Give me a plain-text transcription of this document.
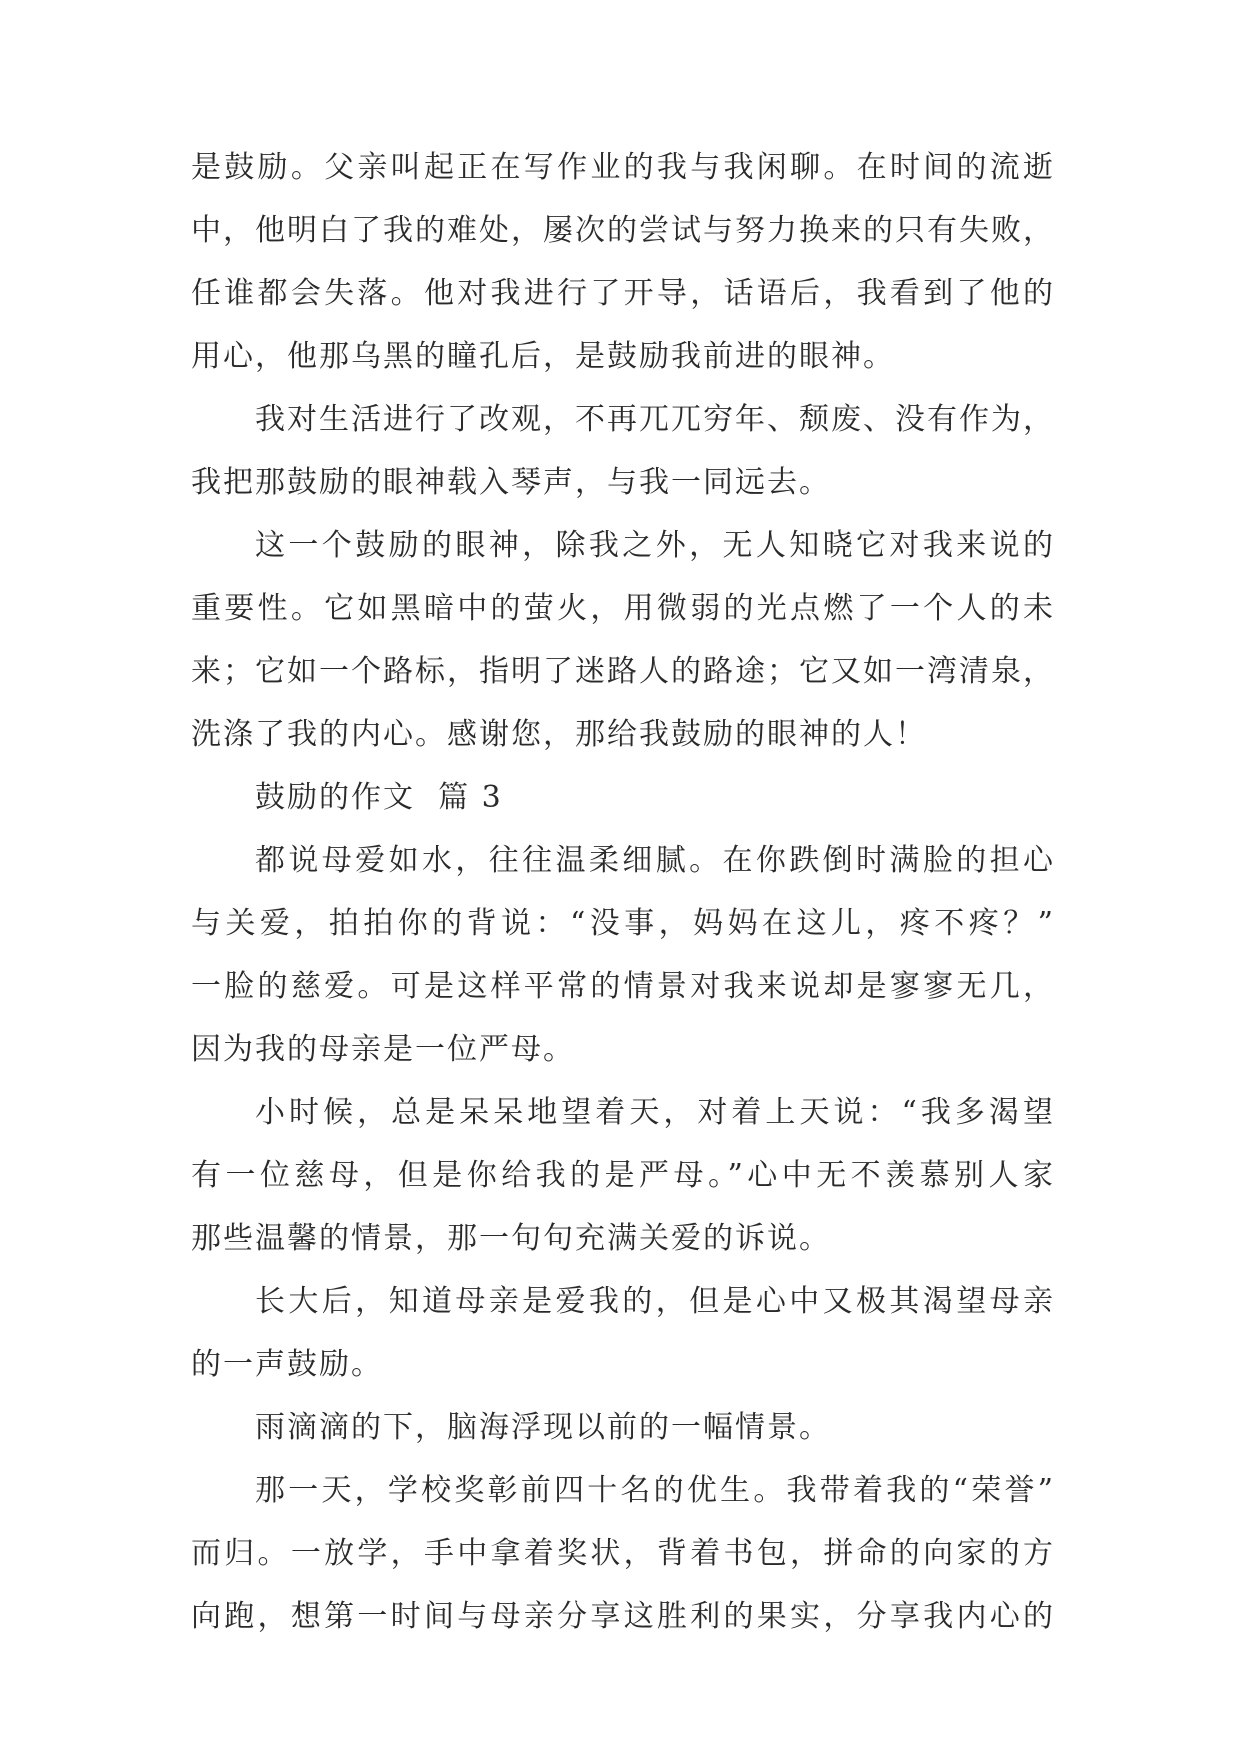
是鼓励。父亲叫起正在写作业的我与我闲聊。在时间的流逝

中，他明白了我的难处，屡次的尝试与努力换来的只有失败，

任谁都会失落。他对我进行了开导，话语后，我看到了他的

用心，他那乌黑的瞳孔后，是鼓励我前进的眼神。

我对生活进行了改观，不再兀兀穷年、颓废、没有作为，

我把那鼓励的眼神载入琴声，与我一同远去。

这一个鼓励的眼神，除我之外，无人知晓它对我来说的

重要性。它如黑暗中的萤火，用微弱的光点燃了一个人的未

来；它如一个路标，指明了迷路人的路途；它又如一湾清泉，

洗涤了我的内心。感谢您，那给我鼓励的眼神的人！

鼓励的作文  篇 3

都说母爱如水，往往温柔细腻。在你跌倒时满脸的担心

与关爱，拍拍你的背说：“没事，妈妈在这儿，疼不疼？”

一脸的慈爱。可是这样平常的情景对我来说却是寥寥无几，

因为我的母亲是一位严母。

小时候，总是呆呆地望着天，对着上天说：“我多渴望

有一位慈母，但是你给我的是严母。”心中无不羡慕别人家

那些温馨的情景，那一句句充满关爱的诉说。

长大后，知道母亲是爱我的，但是心中又极其渴望母亲

的一声鼓励。

雨滴滴的下，脑海浮现以前的一幅情景。

那一天，学校奖彰前四十名的优生。我带着我的“荣誉”

而归。一放学，手中拿着奖状，背着书包，拼命的向家的方

向跑，想第一时间与母亲分享这胜利的果实，分享我内心的
